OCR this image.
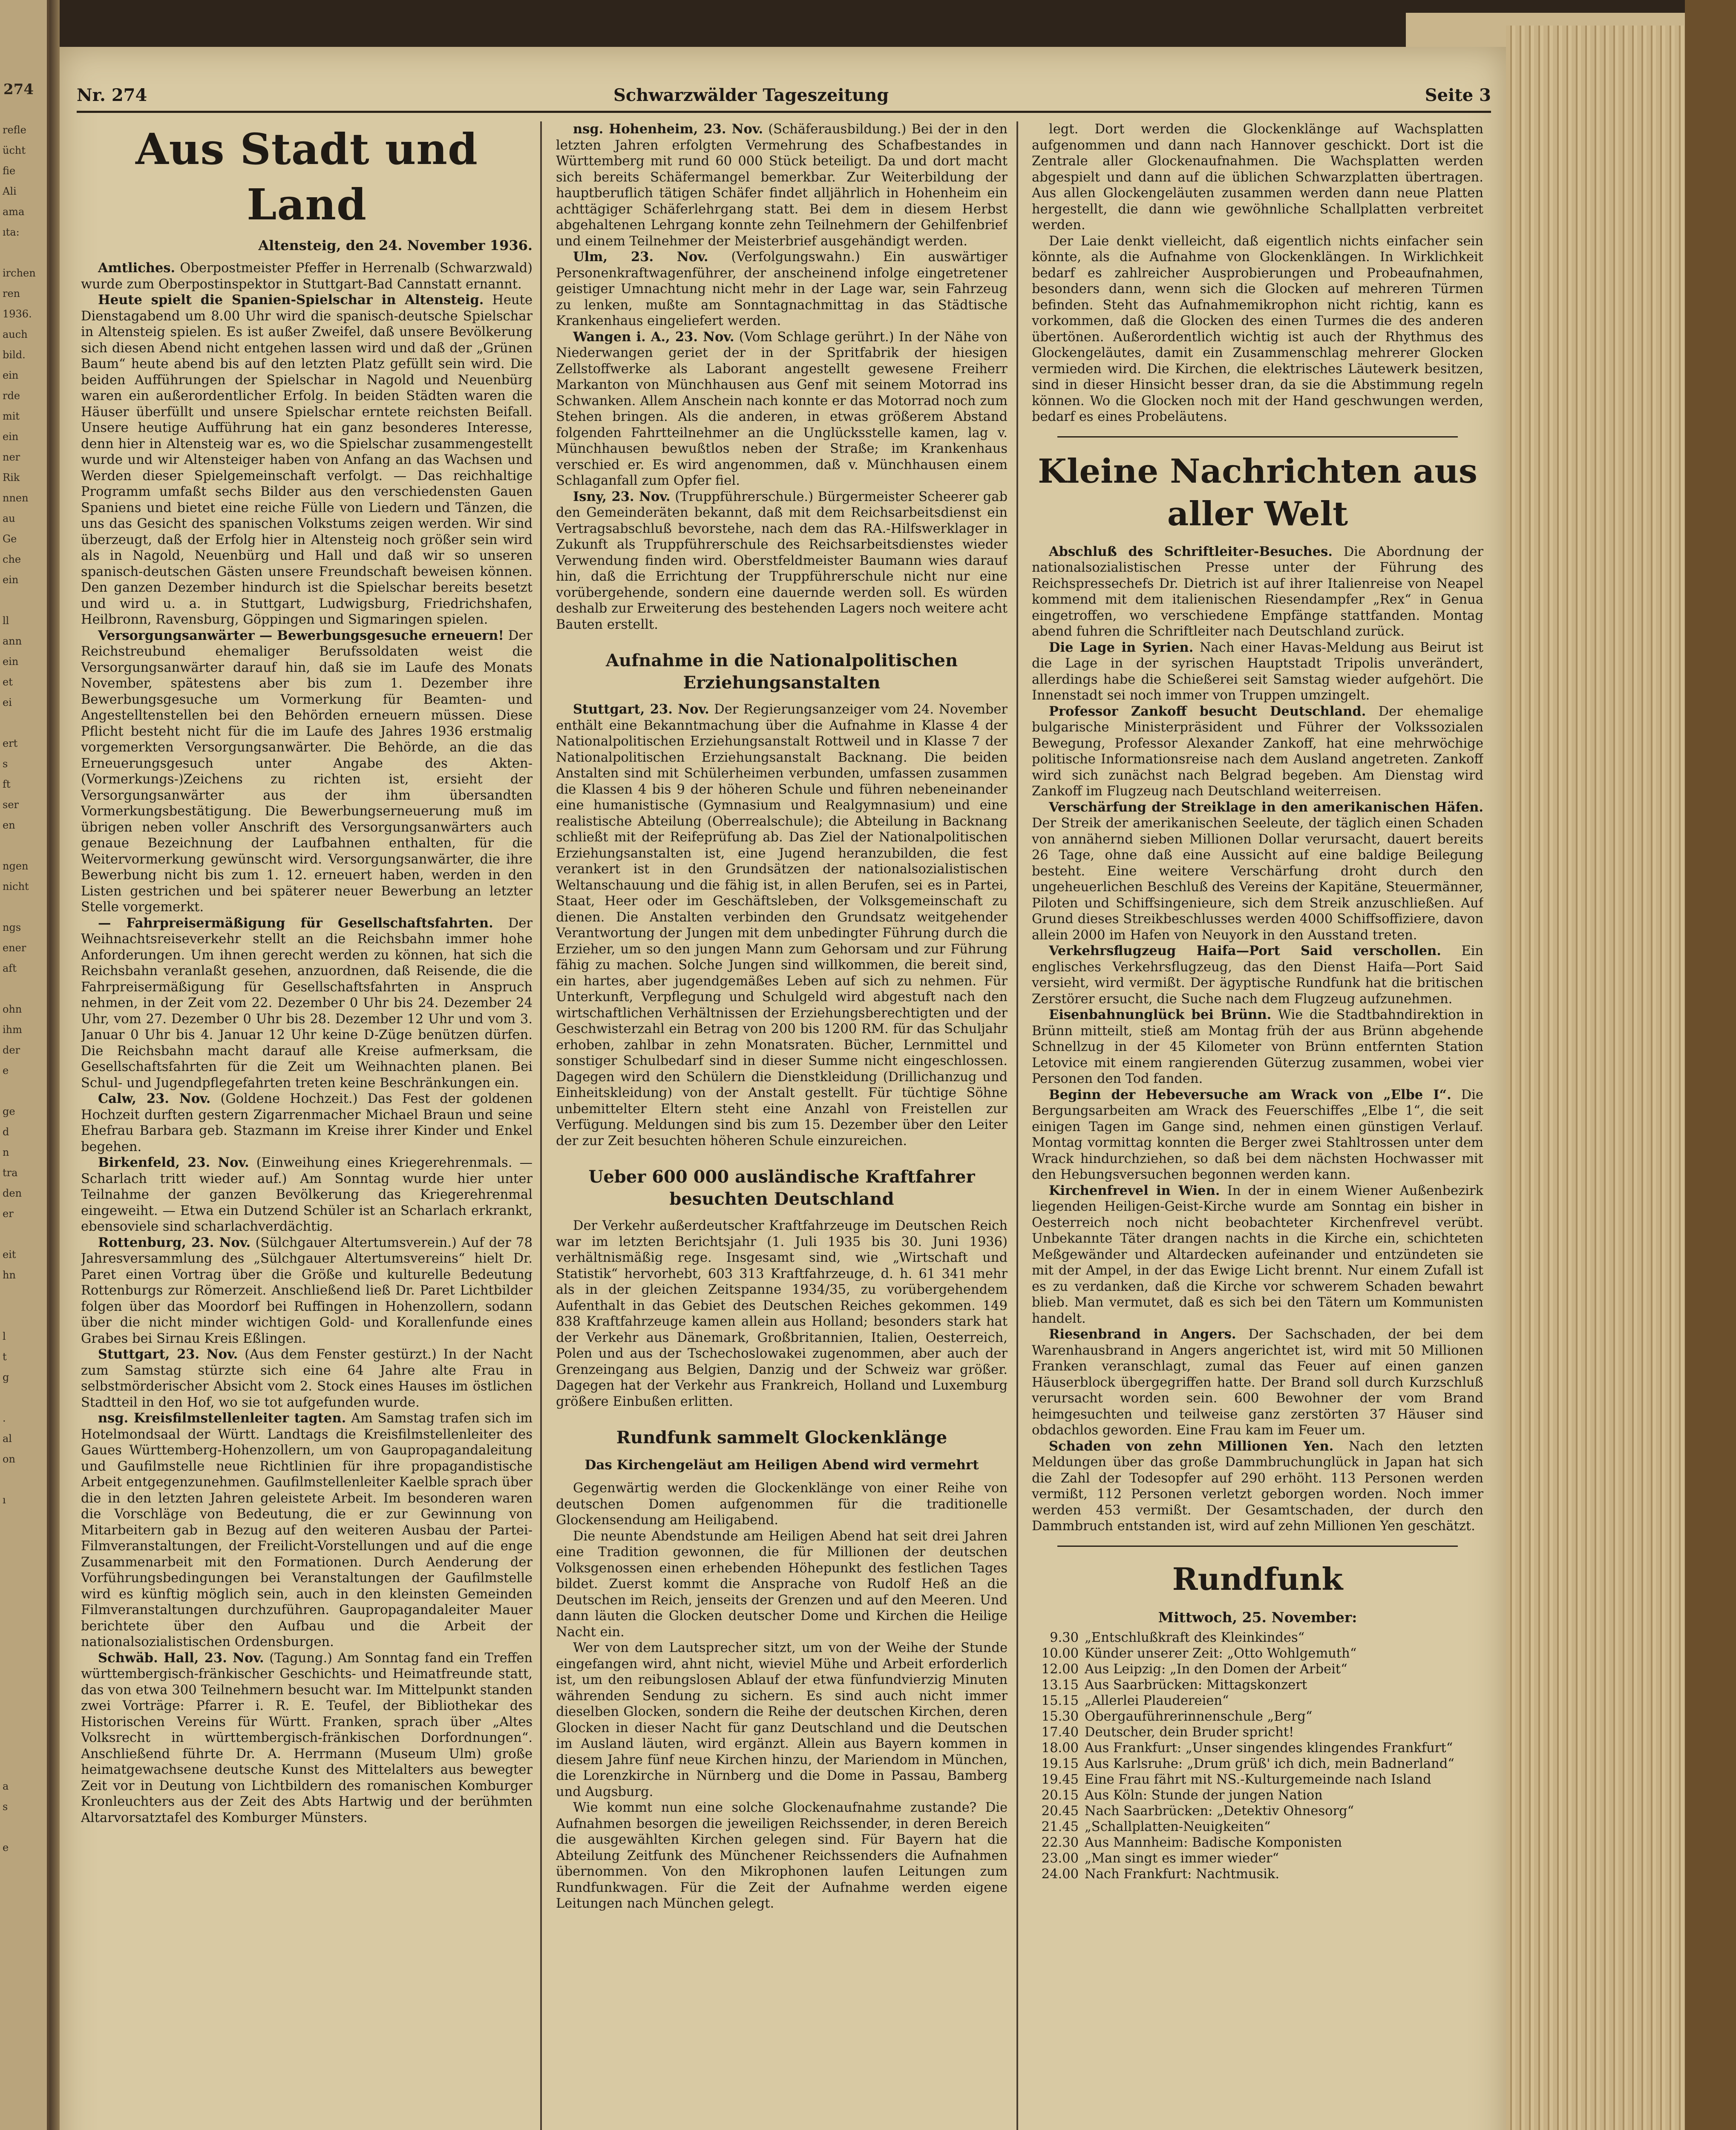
274
refle
ücht
fie
Ali
ama
ıta:
irchen
ren
1936.
auch
bild.
ein
rde
mit
ein
ner
Rik
nnen
au
Ge
che
ein
ll
ann
ein
et
ei
ert
s
ft
ser
en
ngen
nicht
ngs
ener
aft
ohn
ihm
der
e
ge
d
n
tra
den
er
eit
hn
l
t
g
.
al
on
ı
a
s
e
Nr. 274	Schwarzwälder Tageszeitung	Seite 3
Aus Stadt und Land
Altensteig, den 24. November 1936.

Amtliches. Oberpostmeister Pfeffer in Herrenalb (Schwarzwald) wurde zum Oberpostinspektor in Stuttgart-Bad Cannstatt ernannt.

Heute spielt die Spanien-Spielschar in Altensteig. Heute Dienstagabend um 8.00 Uhr wird die spanisch-deutsche Spielschar in Altensteig spielen. Es ist außer Zweifel, daß unsere Bevölkerung sich diesen Abend nicht entgehen lassen wird und daß der „Grünen Baum“ heute abend bis auf den letzten Platz gefüllt sein wird. Die beiden Aufführungen der Spielschar in Nagold und Neuenbürg waren ein außerordentlicher Erfolg. In beiden Städten waren die Häuser überfüllt und unsere Spielschar erntete reichsten Beifall. Unsere heutige Aufführung hat ein ganz besonderes Interesse, denn hier in Altensteig war es, wo die Spielschar zusammengestellt wurde und wir Altensteiger haben von Anfang an das Wachsen und Werden dieser Spielgemeinschaft verfolgt. — Das reichhaltige Programm umfaßt sechs Bilder aus den verschiedensten Gauen Spaniens und bietet eine reiche Fülle von Liedern und Tänzen, die uns das Gesicht des spanischen Volkstums zeigen werden. Wir sind überzeugt, daß der Erfolg hier in Altensteig noch größer sein wird als in Nagold, Neuenbürg und Hall und daß wir so unseren spanisch-deutschen Gästen unsere Freundschaft beweisen können. Den ganzen Dezember hindurch ist die Spielschar bereits besetzt und wird u. a. in Stuttgart, Ludwigsburg, Friedrichshafen, Heilbronn, Ravensburg, Göppingen und Sigmaringen spielen.

Versorgungsanwärter — Bewerbungsgesuche erneuern! Der Reichstreubund ehemaliger Berufssoldaten weist die Versorgungsanwärter darauf hin, daß sie im Laufe des Monats November, spätestens aber bis zum 1. Dezember ihre Bewerbungsgesuche um Vormerkung für Beamten- und Angestelltenstellen bei den Behörden erneuern müssen. Diese Pflicht besteht nicht für die im Laufe des Jahres 1936 erstmalig vorgemerkten Versorgungsanwärter. Die Behörde, an die das Erneuerungsgesuch unter Angabe des Akten-(Vormerkungs-)Zeichens zu richten ist, ersieht der Versorgungsanwärter aus der ihm übersandten Vormerkungsbestätigung. Die Bewerbungserneuerung muß im übrigen neben voller Anschrift des Versorgungsanwärters auch genaue Bezeichnung der Laufbahnen enthalten, für die Weitervormerkung gewünscht wird. Versorgungsanwärter, die ihre Bewerbung nicht bis zum 1. 12. erneuert haben, werden in den Listen gestrichen und bei späterer neuer Bewerbung an letzter Stelle vorgemerkt.

— Fahrpreisermäßigung für Gesellschaftsfahrten. Der Weihnachtsreiseverkehr stellt an die Reichsbahn immer hohe Anforderungen. Um ihnen gerecht werden zu können, hat sich die Reichsbahn veranlaßt gesehen, anzuordnen, daß Reisende, die die Fahrpreisermäßigung für Gesellschaftsfahrten in Anspruch nehmen, in der Zeit vom 22. Dezember 0 Uhr bis 24. Dezember 24 Uhr, vom 27. Dezember 0 Uhr bis 28. Dezember 12 Uhr und vom 3. Januar 0 Uhr bis 4. Januar 12 Uhr keine D-Züge benützen dürfen. Die Reichsbahn macht darauf alle Kreise aufmerksam, die Gesellschaftsfahrten für die Zeit um Weihnachten planen. Bei Schul- und Jugendpflegefahrten treten keine Beschränkungen ein.

Calw, 23. Nov. (Goldene Hochzeit.) Das Fest der goldenen Hochzeit durften gestern Zigarrenmacher Michael Braun und seine Ehefrau Barbara geb. Stazmann im Kreise ihrer Kinder und Enkel begehen.

Birkenfeld, 23. Nov. (Einweihung eines Kriegerehrenmals. — Scharlach tritt wieder auf.) Am Sonntag wurde hier unter Teilnahme der ganzen Bevölkerung das Kriegerehrenmal eingeweiht. — Etwa ein Dutzend Schüler ist an Scharlach erkrankt, ebensoviele sind scharlachverdächtig.

Rottenburg, 23. Nov. (Sülchgauer Altertumsverein.) Auf der 78 Jahresversammlung des „Sülchgauer Altertumsvereins“ hielt Dr. Paret einen Vortrag über die Größe und kulturelle Bedeutung Rottenburgs zur Römerzeit. Anschließend ließ Dr. Paret Lichtbilder folgen über das Moordorf bei Ruffingen in Hohenzollern, sodann über die nicht minder wichtigen Gold- und Korallenfunde eines Grabes bei Sirnau Kreis Eßlingen.

Stuttgart, 23. Nov. (Aus dem Fenster gestürzt.) In der Nacht zum Samstag stürzte sich eine 64 Jahre alte Frau in selbstmörderischer Absicht vom 2. Stock eines Hauses im östlichen Stadtteil in den Hof, wo sie tot aufgefunden wurde.

nsg. Kreisfilmstellenleiter tagten. Am Samstag trafen sich im Hotelmondsaal der Württ. Landtags die Kreisfilmstellenleiter des Gaues Württemberg-Hohenzollern, um von Gaupropagandaleitung und Gaufilmstelle neue Richtlinien für ihre propagandistische Arbeit entgegenzunehmen. Gaufilmstellenleiter Kaelble sprach über die in den letzten Jahren geleistete Arbeit. Im besonderen waren die Vorschläge von Bedeutung, die er zur Gewinnung von Mitarbeitern gab in Bezug auf den weiteren Ausbau der Partei-Filmveranstaltungen, der Freilicht-Vorstellungen und auf die enge Zusammenarbeit mit den Formationen. Durch Aenderung der Vorführungsbedingungen bei Veranstaltungen der Gaufilmstelle wird es künftig möglich sein, auch in den kleinsten Gemeinden Filmveranstaltungen durchzuführen. Gaupropagandaleiter Mauer berichtete über den Aufbau und die Arbeit der nationalsozialistischen Ordensburgen.

Schwäb. Hall, 23. Nov. (Tagung.) Am Sonntag fand ein Treffen württembergisch-fränkischer Geschichts- und Heimatfreunde statt, das von etwa 300 Teilnehmern besucht war. Im Mittelpunkt standen zwei Vorträge: Pfarrer i. R. E. Teufel, der Bibliothekar des Historischen Vereins für Württ. Franken, sprach über „Altes Volksrecht in württembergisch-fränkischen Dorfordnungen“. Anschließend führte Dr. A. Herrmann (Museum Ulm) große heimatgewachsene deutsche Kunst des Mittelalters aus bewegter Zeit vor in Deutung von Lichtbildern des romanischen Komburger Kronleuchters aus der Zeit des Abts Hartwig und der berühmten Altarvorsatztafel des Komburger Münsters.

nsg. Hohenheim, 23. Nov. (Schäferausbildung.) Bei der in den letzten Jahren erfolgten Vermehrung des Schafbestandes in Württemberg mit rund 60 000 Stück beteiligt. Da und dort macht sich bereits Schäfermangel bemerkbar. Zur Weiterbildung der hauptberuflich tätigen Schäfer findet alljährlich in Hohenheim ein achttägiger Schäferlehrgang statt. Bei dem in diesem Herbst abgehaltenen Lehrgang konnte zehn Teilnehmern der Gehilfenbrief und einem Teilnehmer der Meisterbrief ausgehändigt werden.

Ulm, 23. Nov. (Verfolgungswahn.) Ein auswärtiger Personenkraftwagenführer, der anscheinend infolge eingetretener geistiger Umnachtung nicht mehr in der Lage war, sein Fahrzeug zu lenken, mußte am Sonntagnachmittag in das Städtische Krankenhaus eingeliefert werden.

Wangen i. A., 23. Nov. (Vom Schlage gerührt.) In der Nähe von Niederwangen geriet der in der Spritfabrik der hiesigen Zellstoffwerke als Laborant angestellt gewesene Freiherr Markanton von Münchhausen aus Genf mit seinem Motorrad ins Schwanken. Allem Anschein nach konnte er das Motorrad noch zum Stehen bringen. Als die anderen, in etwas größerem Abstand folgenden Fahrtteilnehmer an die Unglücksstelle kamen, lag v. Münchhausen bewußtlos neben der Straße; im Krankenhaus verschied er. Es wird angenommen, daß v. Münchhausen einem Schlaganfall zum Opfer fiel.

Isny, 23. Nov. (Truppführerschule.) Bürgermeister Scheerer gab den Gemeinderäten bekannt, daß mit dem Reichsarbeitsdienst ein Vertragsabschluß bevorstehe, nach dem das RA.-Hilfswerklager in Zukunft als Truppführerschule des Reichsarbeitsdienstes wieder Verwendung finden wird. Oberstfeldmeister Baumann wies darauf hin, daß die Errichtung der Truppführerschule nicht nur eine vorübergehende, sondern eine dauernde werden soll. Es würden deshalb zur Erweiterung des bestehenden Lagers noch weitere acht Bauten erstellt.

Aufnahme in die Nationalpolitischen Erziehungsanstalten

Stuttgart, 23. Nov. Der Regierungsanzeiger vom 24. November enthält eine Bekanntmachung über die Aufnahme in Klasse 4 der Nationalpolitischen Erziehungsanstalt Rottweil und in Klasse 7 der Nationalpolitischen Erziehungsanstalt Backnang. Die beiden Anstalten sind mit Schülerheimen verbunden, umfassen zusammen die Klassen 4 bis 9 der höheren Schule und führen nebeneinander eine humanistische (Gymnasium und Realgymnasium) und eine realistische Abteilung (Oberrealschule); die Abteilung in Backnang schließt mit der Reifeprüfung ab. Das Ziel der Nationalpolitischen Erziehungsanstalten ist, eine Jugend heranzubilden, die fest verankert ist in den Grundsätzen der nationalsozialistischen Weltanschauung und die fähig ist, in allen Berufen, sei es in Partei, Staat, Heer oder im Geschäftsleben, der Volksgemeinschaft zu dienen. Die Anstalten verbinden den Grundsatz weitgehender Verantwortung der Jungen mit dem unbedingter Führung durch die Erzieher, um so den jungen Mann zum Gehorsam und zur Führung fähig zu machen. Solche Jungen sind willkommen, die bereit sind, ein hartes, aber jugendgemäßes Leben auf sich zu nehmen. Für Unterkunft, Verpflegung und Schulgeld wird abgestuft nach den wirtschaftlichen Verhältnissen der Erziehungsberechtigten und der Geschwisterzahl ein Betrag von 200 bis 1200 RM. für das Schuljahr erhoben, zahlbar in zehn Monatsraten. Bücher, Lernmittel und sonstiger Schulbedarf sind in dieser Summe nicht eingeschlossen. Dagegen wird den Schülern die Dienstkleidung (Drillichanzug und Einheitskleidung) von der Anstalt gestellt. Für tüchtige Söhne unbemittelter Eltern steht eine Anzahl von Freistellen zur Verfügung. Meldungen sind bis zum 15. Dezember über den Leiter der zur Zeit besuchten höheren Schule einzureichen.

Ueber 600 000 ausländische Kraftfahrer besuchten Deutschland

Der Verkehr außerdeutscher Kraftfahrzeuge im Deutschen Reich war im letzten Berichtsjahr (1. Juli 1935 bis 30. Juni 1936) verhältnismäßig rege. Insgesamt sind, wie „Wirtschaft und Statistik“ hervorhebt, 603 313 Kraftfahrzeuge, d. h. 61 341 mehr als in der gleichen Zeitspanne 1934/35, zu vorübergehendem Aufenthalt in das Gebiet des Deutschen Reiches gekommen. 149 838 Kraftfahrzeuge kamen allein aus Holland; besonders stark hat der Verkehr aus Dänemark, Großbritannien, Italien, Oesterreich, Polen und aus der Tschechoslowakei zugenommen, aber auch der Grenzeingang aus Belgien, Danzig und der Schweiz war größer. Dagegen hat der Verkehr aus Frankreich, Holland und Luxemburg größere Einbußen erlitten.

Rundfunk sammelt Glockenklänge
Das Kirchengeläut am Heiligen Abend wird vermehrt

Gegenwärtig werden die Glockenklänge von einer Reihe von deutschen Domen aufgenommen für die traditionelle Glockensendung am Heiligabend.

Die neunte Abendstunde am Heiligen Abend hat seit drei Jahren eine Tradition gewonnen, die für Millionen der deutschen Volksgenossen einen erhebenden Höhepunkt des festlichen Tages bildet. Zuerst kommt die Ansprache von Rudolf Heß an die Deutschen im Reich, jenseits der Grenzen und auf den Meeren. Und dann läuten die Glocken deutscher Dome und Kirchen die Heilige Nacht ein.

Wer von dem Lautsprecher sitzt, um von der Weihe der Stunde eingefangen wird, ahnt nicht, wieviel Mühe und Arbeit erforderlich ist, um den reibungslosen Ablauf der etwa fünfundvierzig Minuten währenden Sendung zu sichern. Es sind auch nicht immer dieselben Glocken, sondern die Reihe der deutschen Kirchen, deren Glocken in dieser Nacht für ganz Deutschland und die Deutschen im Ausland läuten, wird ergänzt. Allein aus Bayern kommen in diesem Jahre fünf neue Kirchen hinzu, der Mariendom in München, die Lorenzkirche in Nürnberg und die Dome in Passau, Bamberg und Augsburg.

Wie kommt nun eine solche Glockenaufnahme zustande? Die Aufnahmen besorgen die jeweiligen Reichssender, in deren Bereich die ausgewählten Kirchen gelegen sind. Für Bayern hat die Abteilung Zeitfunk des Münchener Reichssenders die Aufnahmen übernommen. Von den Mikrophonen laufen Leitungen zum Rundfunkwagen. Für die Zeit der Aufnahme werden eigene Leitungen nach München gelegt.

legt. Dort werden die Glockenklänge auf Wachsplatten aufgenommen und dann nach Hannover geschickt. Dort ist die Zentrale aller Glockenaufnahmen. Die Wachsplatten werden abgespielt und dann auf die üblichen Schwarzplatten übertragen. Aus allen Glockengeläuten zusammen werden dann neue Platten hergestellt, die dann wie gewöhnliche Schallplatten verbreitet werden.

Der Laie denkt vielleicht, daß eigentlich nichts einfacher sein könnte, als die Aufnahme von Glockenklängen. In Wirklichkeit bedarf es zahlreicher Ausprobierungen und Probeaufnahmen, besonders dann, wenn sich die Glocken auf mehreren Türmen befinden. Steht das Aufnahmemikrophon nicht richtig, kann es vorkommen, daß die Glocken des einen Turmes die des anderen übertönen. Außerordentlich wichtig ist auch der Rhythmus des Glockengeläutes, damit ein Zusammenschlag mehrerer Glocken vermieden wird. Die Kirchen, die elektrisches Läutewerk besitzen, sind in dieser Hinsicht besser dran, da sie die Abstimmung regeln können. Wo die Glocken noch mit der Hand geschwungen werden, bedarf es eines Probeläutens.

Kleine Nachrichten aus aller Welt

Abschluß des Schriftleiter-Besuches. Die Abordnung der nationalsozialistischen Presse unter der Führung des Reichspressechefs Dr. Dietrich ist auf ihrer Italienreise von Neapel kommend mit dem italienischen Riesendampfer „Rex“ in Genua eingetroffen, wo verschiedene Empfänge stattfanden. Montag abend fuhren die Schriftleiter nach Deutschland zurück.

Die Lage in Syrien. Nach einer Havas-Meldung aus Beirut ist die Lage in der syrischen Hauptstadt Tripolis unverändert, allerdings habe die Schießerei seit Samstag wieder aufgehört. Die Innenstadt sei noch immer von Truppen umzingelt.

Professor Zankoff besucht Deutschland. Der ehemalige bulgarische Ministerpräsident und Führer der Volkssozialen Bewegung, Professor Alexander Zankoff, hat eine mehrwöchige politische Informationsreise nach dem Ausland angetreten. Zankoff wird sich zunächst nach Belgrad begeben. Am Dienstag wird Zankoff im Flugzeug nach Deutschland weiterreisen.

Verschärfung der Streiklage in den amerikanischen Häfen. Der Streik der amerikanischen Seeleute, der täglich einen Schaden von annähernd sieben Millionen Dollar verursacht, dauert bereits 26 Tage, ohne daß eine Aussicht auf eine baldige Beilegung besteht. Eine weitere Verschärfung droht durch den ungeheuerlichen Beschluß des Vereins der Kapitäne, Steuermänner, Piloten und Schiffsingenieure, sich dem Streik anzuschließen. Auf Grund dieses Streikbeschlusses werden 4000 Schiffsoffiziere, davon allein 2000 im Hafen von Neuyork in den Ausstand treten.

Verkehrsflugzeug Haifa—Port Said verschollen. Ein englisches Verkehrsflugzeug, das den Dienst Haifa—Port Said versieht, wird vermißt. Der ägyptische Rundfunk hat die britischen Zerstörer ersucht, die Suche nach dem Flugzeug aufzunehmen.

Eisenbahnunglück bei Brünn. Wie die Stadtbahndirektion in Brünn mitteilt, stieß am Montag früh der aus Brünn abgehende Schnellzug in der 45 Kilometer von Brünn entfernten Station Letovice mit einem rangierenden Güterzug zusammen, wobei vier Personen den Tod fanden.

Beginn der Hebeversuche am Wrack von „Elbe I“. Die Bergungsarbeiten am Wrack des Feuerschiffes „Elbe 1“, die seit einigen Tagen im Gange sind, nehmen einen günstigen Verlauf. Montag vormittag konnten die Berger zwei Stahltrossen unter dem Wrack hindurchziehen, so daß bei dem nächsten Hochwasser mit den Hebungsversuchen begonnen werden kann.

Kirchenfrevel in Wien. In der in einem Wiener Außenbezirk liegenden Heiligen-Geist-Kirche wurde am Sonntag ein bisher in Oesterreich noch nicht beobachteter Kirchenfrevel verübt. Unbekannte Täter drangen nachts in die Kirche ein, schichteten Meßgewänder und Altardecken aufeinander und entzündeten sie mit der Ampel, in der das Ewige Licht brennt. Nur einem Zufall ist es zu verdanken, daß die Kirche vor schwerem Schaden bewahrt blieb. Man vermutet, daß es sich bei den Tätern um Kommunisten handelt.

Riesenbrand in Angers. Der Sachschaden, der bei dem Warenhausbrand in Angers angerichtet ist, wird mit 50 Millionen Franken veranschlagt, zumal das Feuer auf einen ganzen Häuserblock übergegriffen hatte. Der Brand soll durch Kurzschluß verursacht worden sein. 600 Bewohner der vom Brand heimgesuchten und teilweise ganz zerstörten 37 Häuser sind obdachlos geworden. Eine Frau kam im Feuer um.

Schaden von zehn Millionen Yen. Nach den letzten Meldungen über das große Dammbruchunglück in Japan hat sich die Zahl der Todesopfer auf 290 erhöht. 113 Personen werden vermißt, 112 Personen verletzt geborgen worden. Noch immer werden 453 vermißt. Der Gesamtschaden, der durch den Dammbruch entstanden ist, wird auf zehn Millionen Yen geschätzt.

Rundfunk
Mittwoch, 25. November:
9.30 „Entschlußkraft des Kleinkindes“
10.00 Künder unserer Zeit: „Otto Wohlgemuth“
12.00 Aus Leipzig: „In den Domen der Arbeit“
13.15 Aus Saarbrücken: Mittagskonzert
15.15 „Allerlei Plaudereien“
15.30 Obergauführerinnenschule „Berg“
17.40 Deutscher, dein Bruder spricht!
18.00 Aus Frankfurt: „Unser singendes klingendes Frankfurt“
19.15 Aus Karlsruhe: „Drum grüß' ich dich, mein Badnerland“
19.45 Eine Frau fährt mit NS.-Kulturgemeinde nach Island
20.15 Aus Köln: Stunde der jungen Nation
20.45 Nach Saarbrücken: „Detektiv Ohnesorg“
21.45 „Schallplatten-Neuigkeiten“
22.30 Aus Mannheim: Badische Komponisten
23.00 „Man singt es immer wieder“
24.00 Nach Frankfurt: Nachtmusik.
